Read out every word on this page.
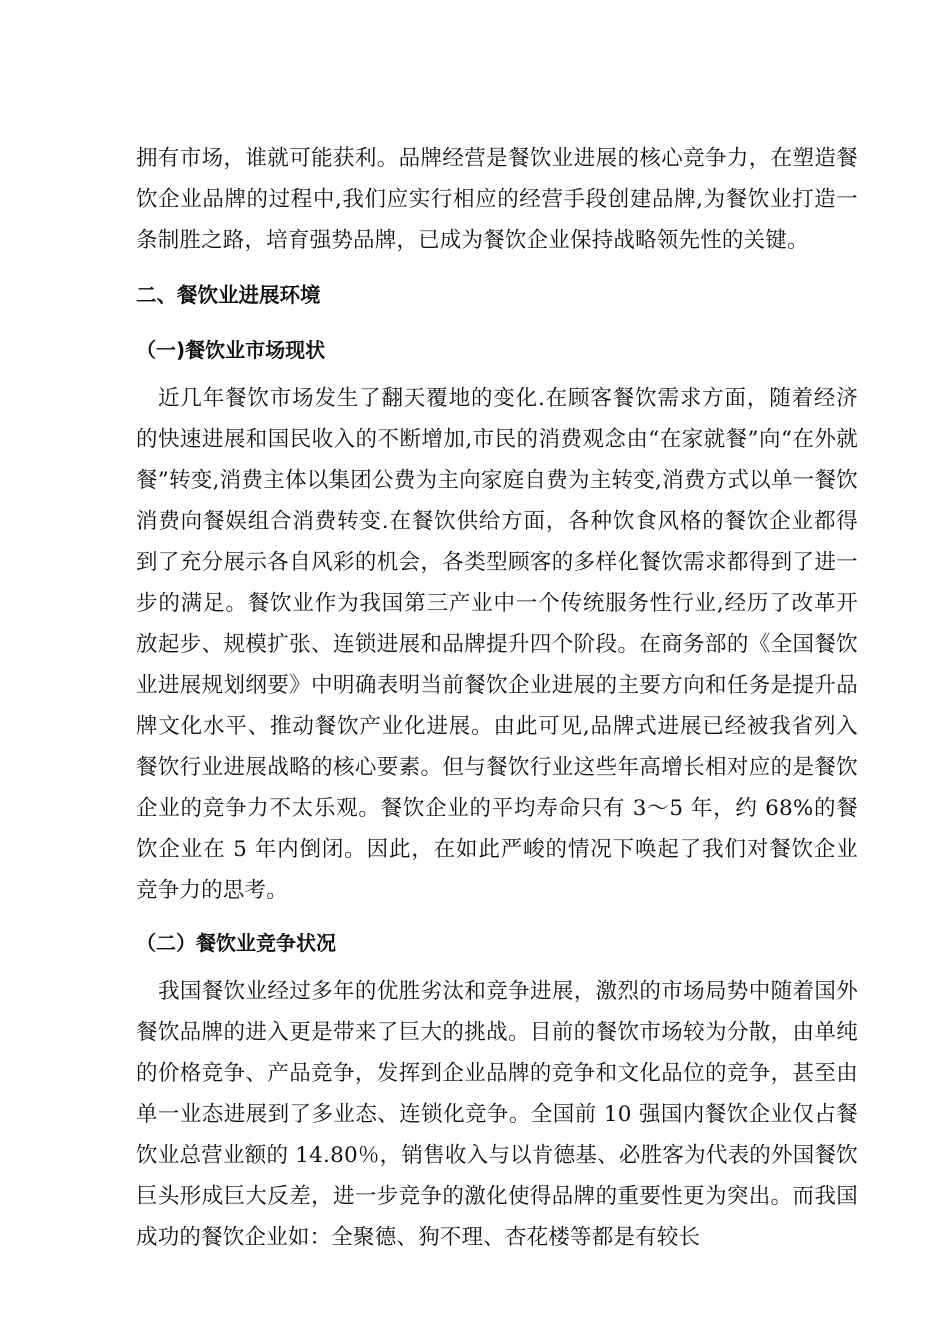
拥有市场，谁就可能获利。品牌经营是餐饮业进展的核心竞争力，在塑造餐饮企业品牌的过程中,我们应实行相应的经营手段创建品牌,为餐饮业打造一条制胜之路，培育强势品牌，已成为餐饮企业保持战略领先性的关键。

二、餐饮业进展环境
（一)餐饮业市场现状

近几年餐饮市场发生了翻天覆地的变化.在顾客餐饮需求方面，随着经济的快速进展和国民收入的不断增加,市民的消费观念由“在家就餐”向“在外就餐”转变,消费主体以集团公费为主向家庭自费为主转变,消费方式以单一餐饮消费向餐娱组合消费转变.在餐饮供给方面，各种饮食风格的餐饮企业都得到了充分展示各自风彩的机会，各类型顾客的多样化餐饮需求都得到了进一步的满足。餐饮业作为我国第三产业中一个传统服务性行业,经历了改革开放起步、规模扩张、连锁进展和品牌提升四个阶段。在商务部的《全国餐饮业进展规划纲要》中明确表明当前餐饮企业进展的主要方向和任务是提升品牌文化水平、推动餐饮产业化进展。由此可见,品牌式进展已经被我省列入餐饮行业进展战略的核心要素。但与餐饮行业这些年高增长相对应的是餐饮企业的竞争力不太乐观。餐饮企业的平均寿命只有 3～5 年，约 68%的餐饮企业在 5 年内倒闭。因此，在如此严峻的情况下唤起了我们对餐饮企业竞争力的思考。

（二）餐饮业竞争状况

我国餐饮业经过多年的优胜劣汰和竞争进展，激烈的市场局势中随着国外餐饮品牌的进入更是带来了巨大的挑战。目前的餐饮市场较为分散，由单纯的价格竞争、产品竞争，发挥到企业品牌的竞争和文化品位的竞争，甚至由单一业态进展到了多业态、连锁化竞争。全国前 10 强国内餐饮企业仅占餐饮业总营业额的 14.80％，销售收入与以肯德基、必胜客为代表的外国餐饮巨头形成巨大反差，进一步竞争的激化使得品牌的重要性更为突出。而我国成功的餐饮企业如：全聚德、狗不理、杏花楼等都是有较长
